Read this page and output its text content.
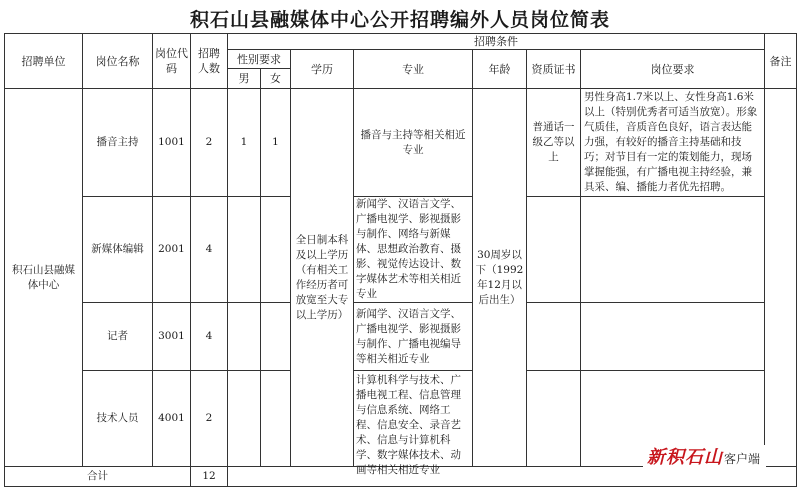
积石山县融媒体中心公开招聘编外人员岗位简表
招聘单位	岗位名称	岗位代码	招聘人数	招聘条件							备注
				性别要求		学历	专业	年龄	资质证书	岗位要求	
				男	女						
积石山县融媒体中心	播音主持	1001	2	1	1	全日制本科及以上学历（有相关工作经历者可放宽至大专以上学历）	播音与主持等相关相近专业	30周岁以下（1992年12月以后出生）	普通话一级乙等以上	男性身高1.7米以上、女性身高1.6米以上（特别优秀者可适当放宽）。形象气质佳，音质音色良好，语言表达能力强，有较好的播音主持基础和技巧；对节目有一定的策划能力，现场掌握能强，有广播电视主持经验，兼具采、编、播能力者优先招聘。	
	新媒体编辑	2001	4				新闻学、汉语言文学、广播电视学、影视摄影与制作、网络与新媒体、思想政治教育、摄影、视觉传达设计、数字媒体艺术等相关相近专业				
	记者	3001	4				新闻学、汉语言文学、广播电视学、影视摄影与制作、广播电视编导等相关相近专业				
	技术人员	4001	2				计算机科学与技术、广播电视工程、信息管理与信息系统、网络工程、信息安全、录音艺术、信息与计算机科学、数字媒体技术、动画等相关相近专业				

合计			12								
新积石山 客户端
